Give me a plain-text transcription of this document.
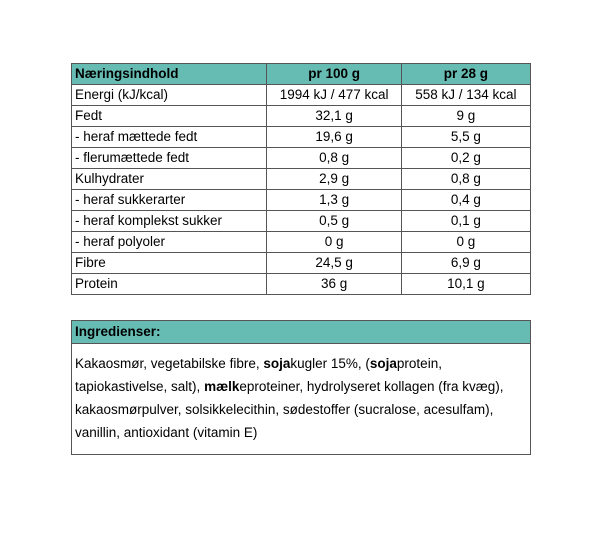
Næringsindhold	pr 100 g	pr 28 g
Energi (kJ/kcal)	1994 kJ / 477 kcal	558 kJ / 134 kcal
Fedt	32,1 g	9 g
- heraf mættede fedt	19,6 g	5,5 g
- flerumættede fedt	0,8 g	0,2 g
Kulhydrater	2,9 g	0,8 g
- heraf sukkerarter	1,3 g	0,4 g
- heraf komplekst sukker	0,5 g	0,1 g
- heraf polyoler	0 g	0 g
Fibre	24,5 g	6,9 g
Protein	36 g	10,1 g
Ingredienser:
Kakaosmør, vegetabilske fibre, sojakugler 15%, (sojaprotein, tapiokastivelse, salt), mælkeproteiner, hydrolyseret kollagen (fra kvæg), kakaosmørpulver, solsikkelecithin, sødestoffer (sucralose, acesulfam), vanillin, antioxidant (vitamin E)
